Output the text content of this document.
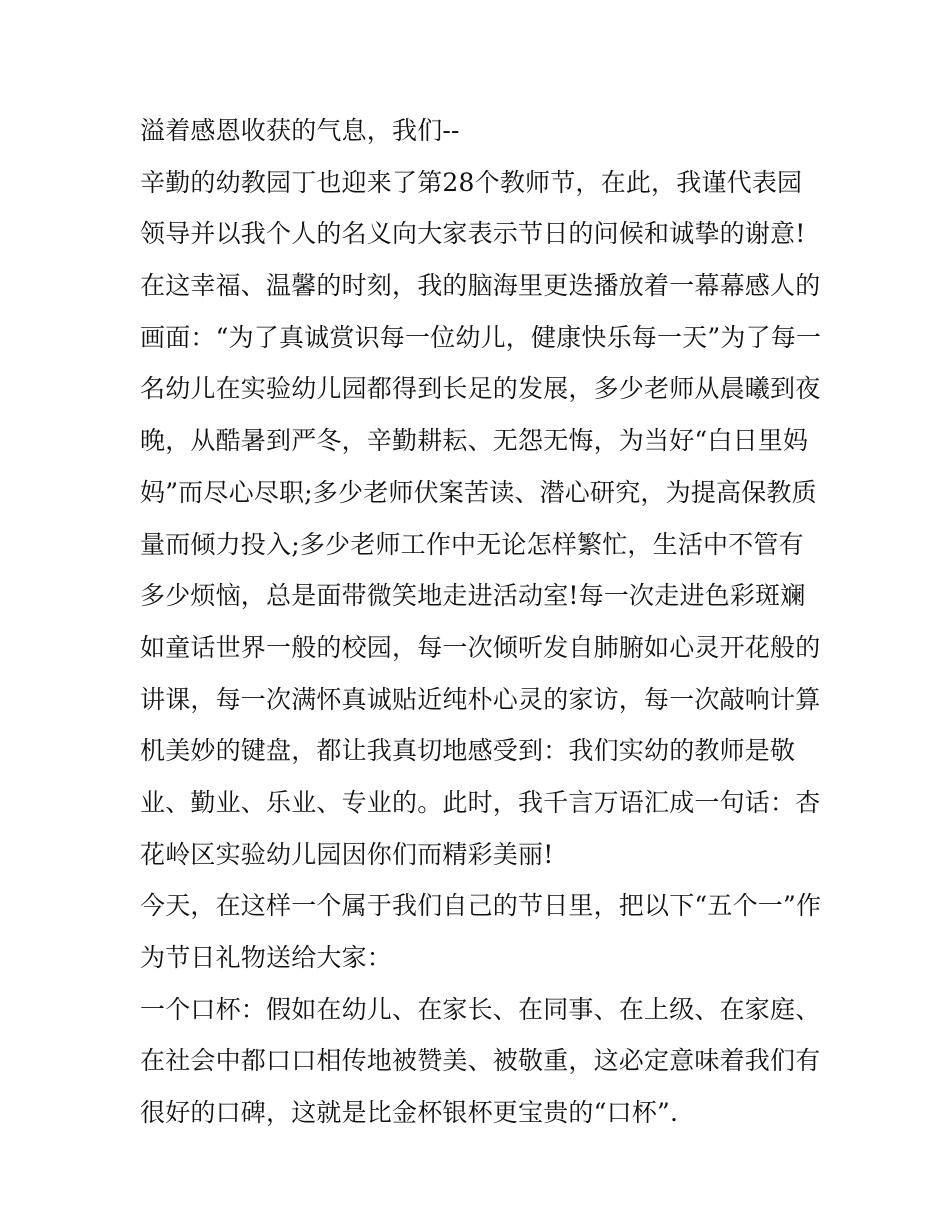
溢着感恩收获的气息，我们--
辛勤的幼教园丁也迎来了第28个教师节，在此，我谨代表园
领导并以我个人的名义向大家表示节日的问候和诚挚的谢意!
在这幸福、温馨的时刻，我的脑海里更迭播放着一幕幕感人的
画面：“为了真诚赏识每一位幼儿，健康快乐每一天”为了每一
名幼儿在实验幼儿园都得到长足的发展，多少老师从晨曦到夜
晚，从酷暑到严冬，辛勤耕耘、无怨无悔，为当好“白日里妈
妈”而尽心尽职;多少老师伏案苦读、潜心研究，为提高保教质
量而倾力投入;多少老师工作中无论怎样繁忙，生活中不管有
多少烦恼，总是面带微笑地走进活动室!每一次走进色彩斑斓
如童话世界一般的校园，每一次倾听发自肺腑如心灵开花般的
讲课，每一次满怀真诚贴近纯朴心灵的家访，每一次敲响计算
机美妙的键盘，都让我真切地感受到：我们实幼的教师是敬
业、勤业、乐业、专业的。此时，我千言万语汇成一句话：杏
花岭区实验幼儿园因你们而精彩美丽!
今天，在这样一个属于我们自己的节日里，把以下“五个一”作
为节日礼物送给大家：
一个口杯：假如在幼儿、在家长、在同事、在上级、在家庭、
在社会中都口口相传地被赞美、被敬重，这必定意味着我们有
很好的口碑，这就是比金杯银杯更宝贵的“口杯”.
